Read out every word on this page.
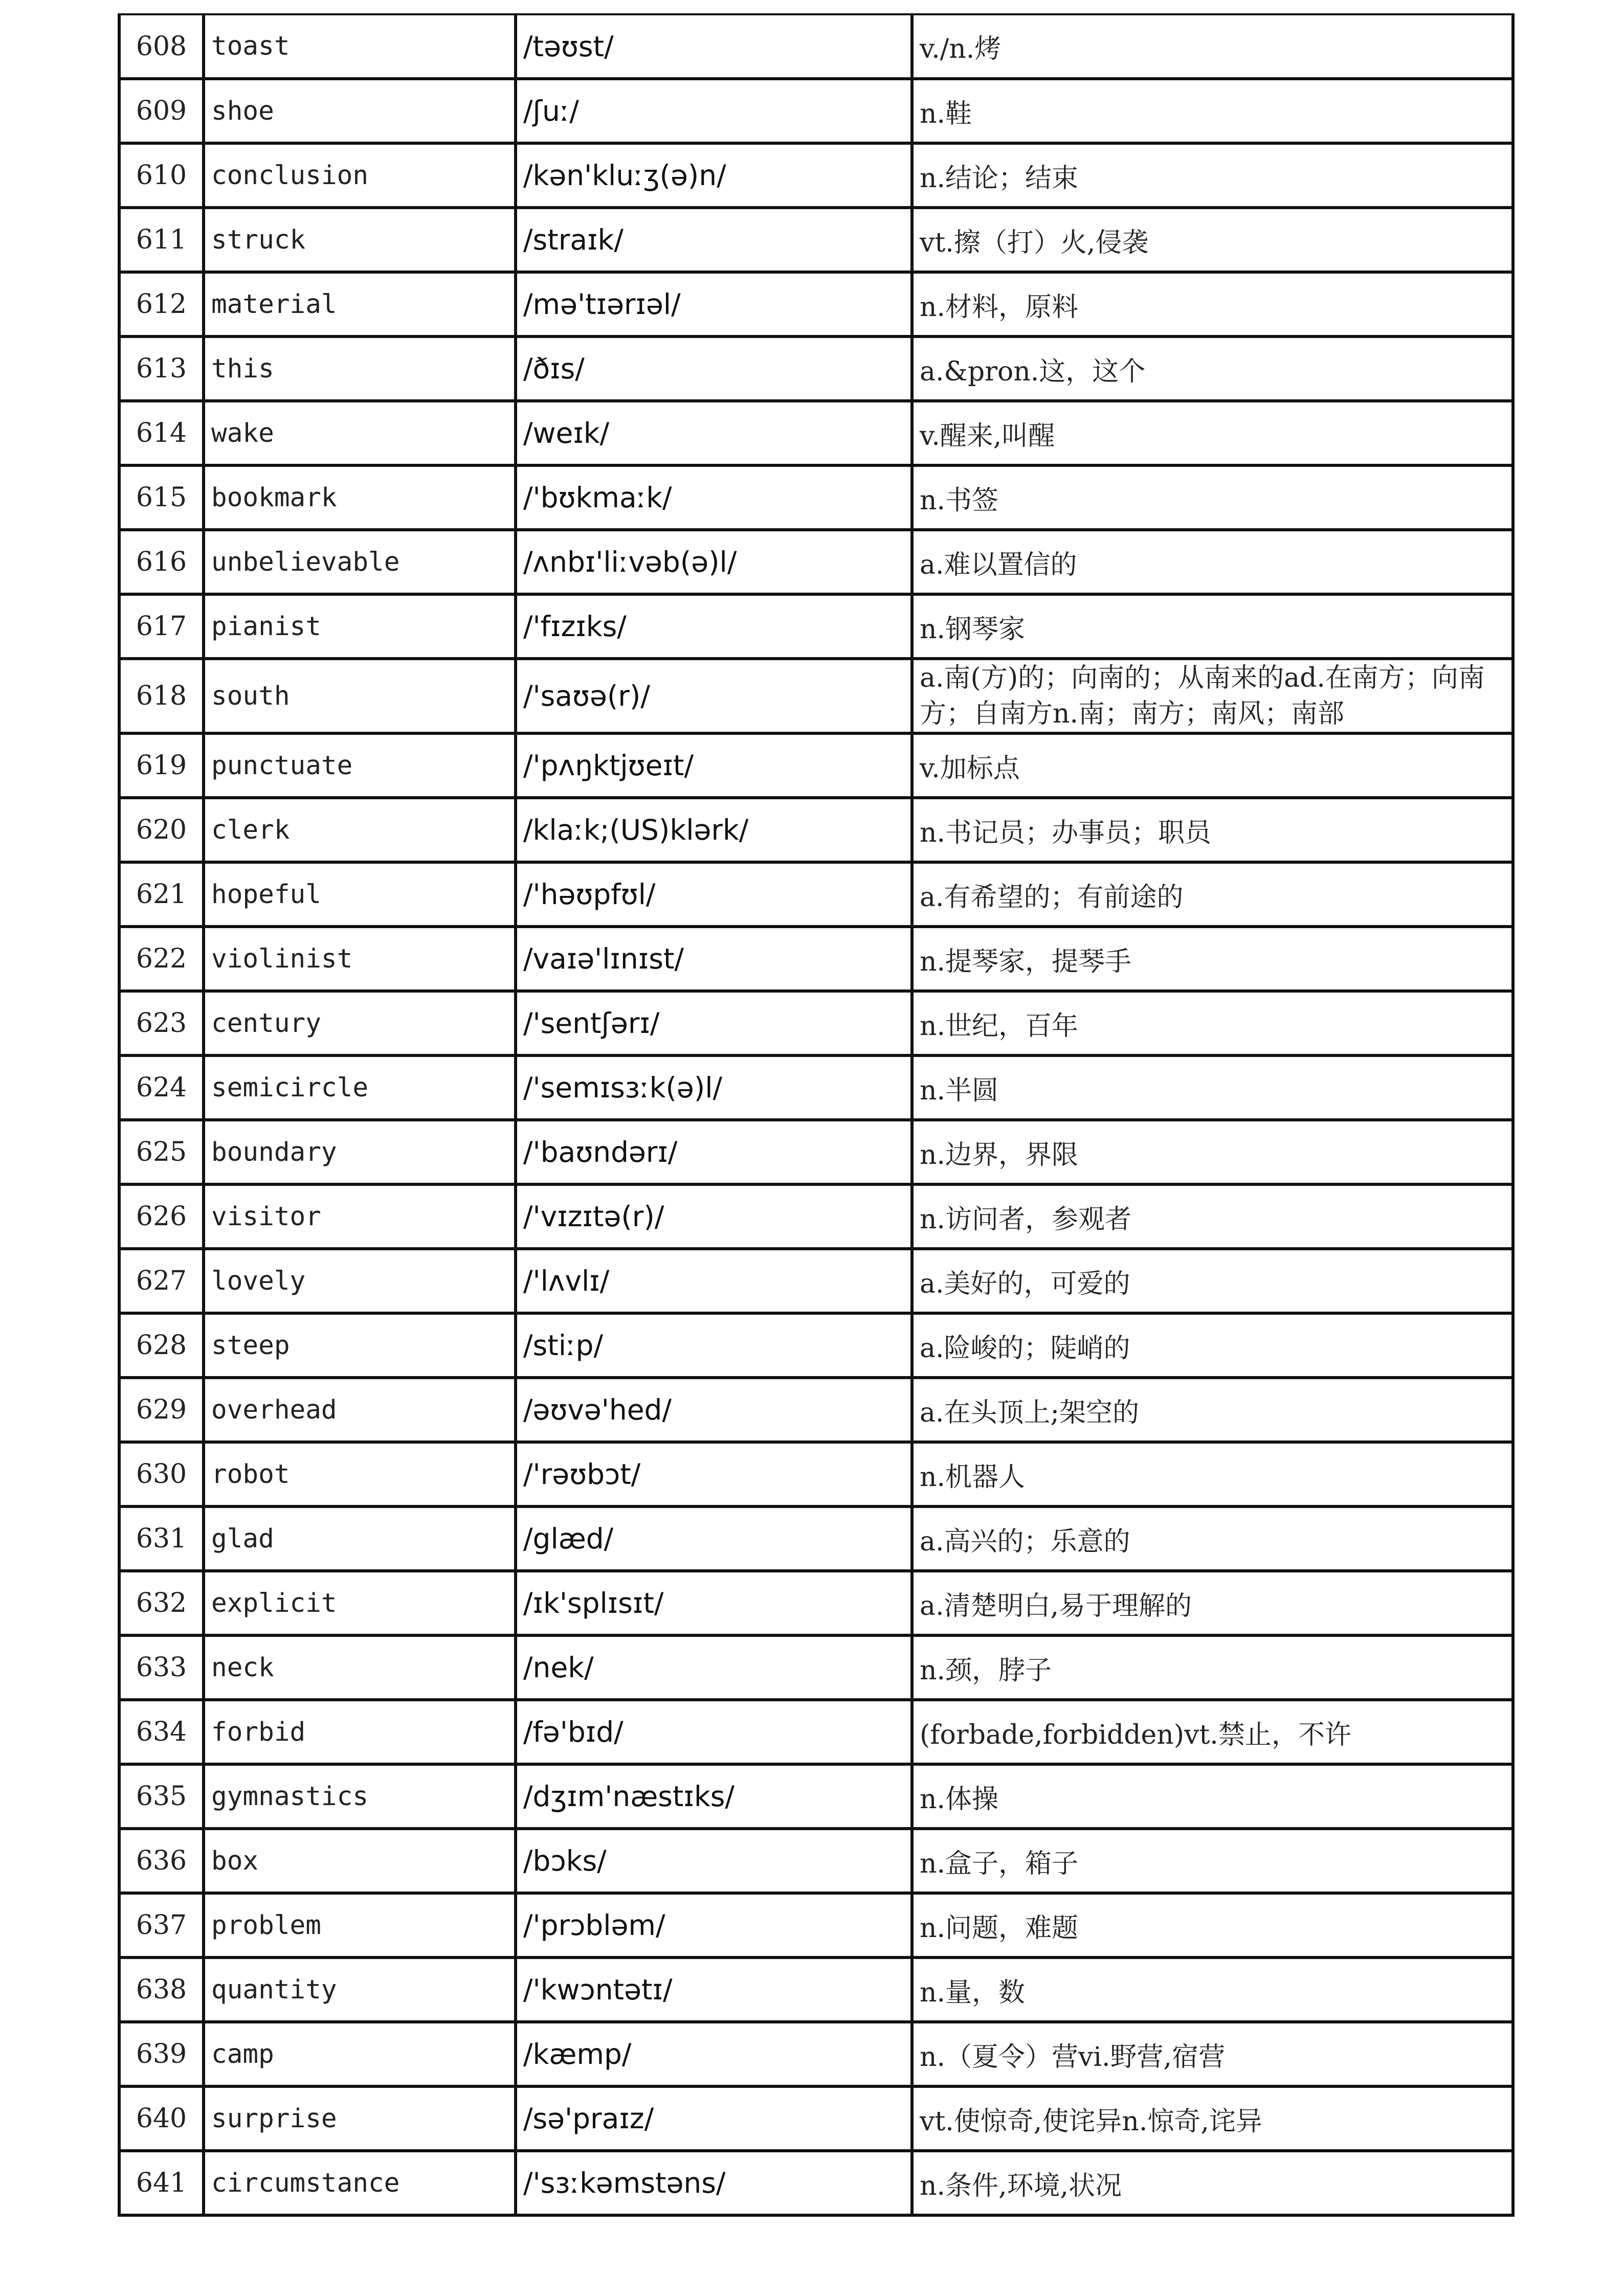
608	toast	/təʊst/	v./n.烤
609	shoe	/ʃuː/	n.鞋
610	conclusion	/kən'kluːʒ(ə)n/	n.结论；结束
611	struck	/straɪk/	vt.擦（打）火,侵袭
612	material	/mə'tɪərɪəl/	n.材料，原料
613	this	/ðɪs/	a.&pron.这，这个
614	wake	/weɪk/	v.醒来,叫醒
615	bookmark	/'bʊkmaːk/	n.书签
616	unbelievable	/ʌnbɪ'liːvəb(ə)l/	a.难以置信的
617	pianist	/'fɪzɪks/	n.钢琴家
618	south	/'saʊə(r)/	a.南(方)的；向南的；从南来的ad.在南方；向南方；自南方n.南；南方；南风；南部
619	punctuate	/'pʌŋktjʊeɪt/	v.加标点
620	clerk	/klaːk;(US)klərk/	n.书记员；办事员；职员
621	hopeful	/'həʊpfʊl/	a.有希望的；有前途的
622	violinist	/vaɪə'lɪnɪst/	n.提琴家，提琴手
623	century	/'sentʃərɪ/	n.世纪，百年
624	semicircle	/'semɪsɜːk(ə)l/	n.半圆
625	boundary	/'baʊndərɪ/	n.边界，界限
626	visitor	/'vɪzɪtə(r)/	n.访问者，参观者
627	lovely	/'lʌvlɪ/	a.美好的，可爱的
628	steep	/stiːp/	a.险峻的；陡峭的
629	overhead	/əʊvə'hed/	a.在头顶上;架空的
630	robot	/'rəʊbɔt/	n.机器人
631	glad	/glæd/	a.高兴的；乐意的
632	explicit	/ɪk'splɪsɪt/	a.清楚明白,易于理解的
633	neck	/nek/	n.颈，脖子
634	forbid	/fə'bɪd/	(forbade,forbidden)vt.禁止，不许
635	gymnastics	/dʒɪm'næstɪks/	n.体操
636	box	/bɔks/	n.盒子，箱子
637	problem	/'prɔbləm/	n.问题，难题
638	quantity	/'kwɔntətɪ/	n.量，数
639	camp	/kæmp/	n.（夏令）营vi.野营,宿营
640	surprise	/sə'praɪz/	vt.使惊奇,使诧异n.惊奇,诧异
641	circumstance	/'sɜːkəmstəns/	n.条件,环境,状况
